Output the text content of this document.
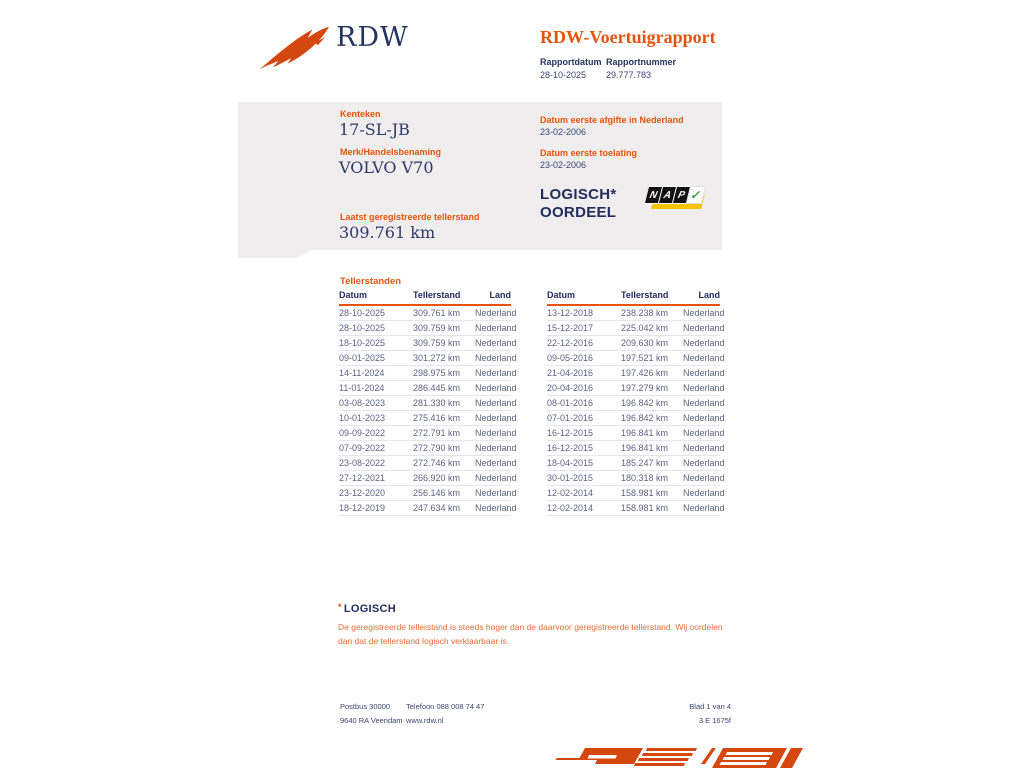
RDW	RDW-Voertuigrapport
Rapportdatum
28-10-2025
Rapportnummer
29.777.783
Kenteken
17-SL-JB
Merk/Handelsbenaming
VOLVO V70
Laatst geregistreerde tellerstand
309.761 km
Datum eerste afgifte in Nederland
23-02-2006
Datum eerste toelating
23-02-2006
LOGISCH*
OORDEEL
N A P ✓
Tellerstanden
Datum	Tellerstand	Land
28-10-2025	309.761 km	Nederland
28-10-2025	309.759 km	Nederland
18-10-2025	309.759 km	Nederland
09-01-2025	301.272 km	Nederland
14-11-2024	298.975 km	Nederland
11-01-2024	286.445 km	Nederland
03-08-2023	281.330 km	Nederland
10-01-2023	275.416 km	Nederland
09-09-2022	272.791 km	Nederland
07-09-2022	272.790 km	Nederland
23-08-2022	272.746 km	Nederland
27-12-2021	266.920 km	Nederland
23-12-2020	256.146 km	Nederland
18-12-2019	247.634 km	Nederland
Datum	Tellerstand	Land
13-12-2018	238.238 km	Nederland
15-12-2017	225.042 km	Nederland
22-12-2016	209.630 km	Nederland
09-05-2016	197.521 km	Nederland
21-04-2016	197.426 km	Nederland
20-04-2016	197.279 km	Nederland
08-01-2016	196.842 km	Nederland
07-01-2016	196.842 km	Nederland
16-12-2015	196.841 km	Nederland
16-12-2015	196.841 km	Nederland
18-04-2015	185.247 km	Nederland
30-01-2015	180.318 km	Nederland
12-02-2014	158.981 km	Nederland
12-02-2014	158.981 km	Nederland
* LOGISCH
De geregistreerde tellerstand is steeds hoger dan de daarvoor geregistreerde tellerstand. Wij oordelen dan dat de tellerstand logisch verklaarbaar is.
Postbus 30000
9640 RA Veendam
Telefoon 088 008 74 47
www.rdw.nl
Blad 1 van 4
3 E 1675f
